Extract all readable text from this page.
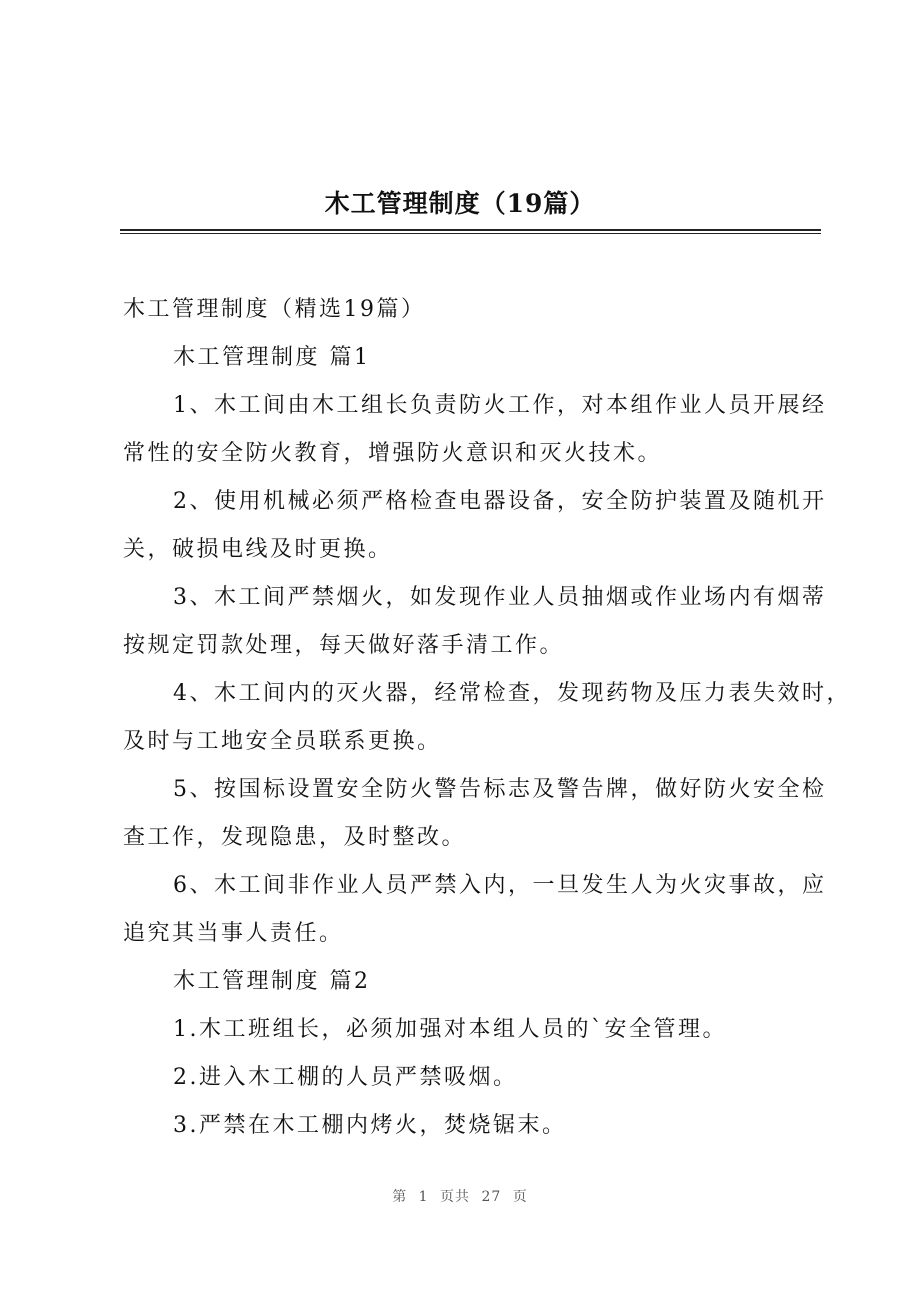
木工管理制度（19篇）

木工管理制度（精选19篇）

木工管理制度 篇1

1、木工间由木工组长负责防火工作，对本组作业人员开展经

常性的安全防火教育，增强防火意识和灭火技术。

2、使用机械必须严格检查电器设备，安全防护装置及随机开

关，破损电线及时更换。

3、木工间严禁烟火，如发现作业人员抽烟或作业场内有烟蒂

按规定罚款处理，每天做好落手清工作。

4、木工间内的灭火器，经常检查，发现药物及压力表失效时，

及时与工地安全员联系更换。

5、按国标设置安全防火警告标志及警告牌，做好防火安全检

查工作，发现隐患，及时整改。

6、木工间非作业人员严禁入内，一旦发生人为火灾事故，应

追究其当事人责任。

木工管理制度 篇2

1.木工班组长，必须加强对本组人员的`安全管理。

2.进入木工棚的人员严禁吸烟。

3.严禁在木工棚内烤火，焚烧锯末。

第 1 页共 27 页
